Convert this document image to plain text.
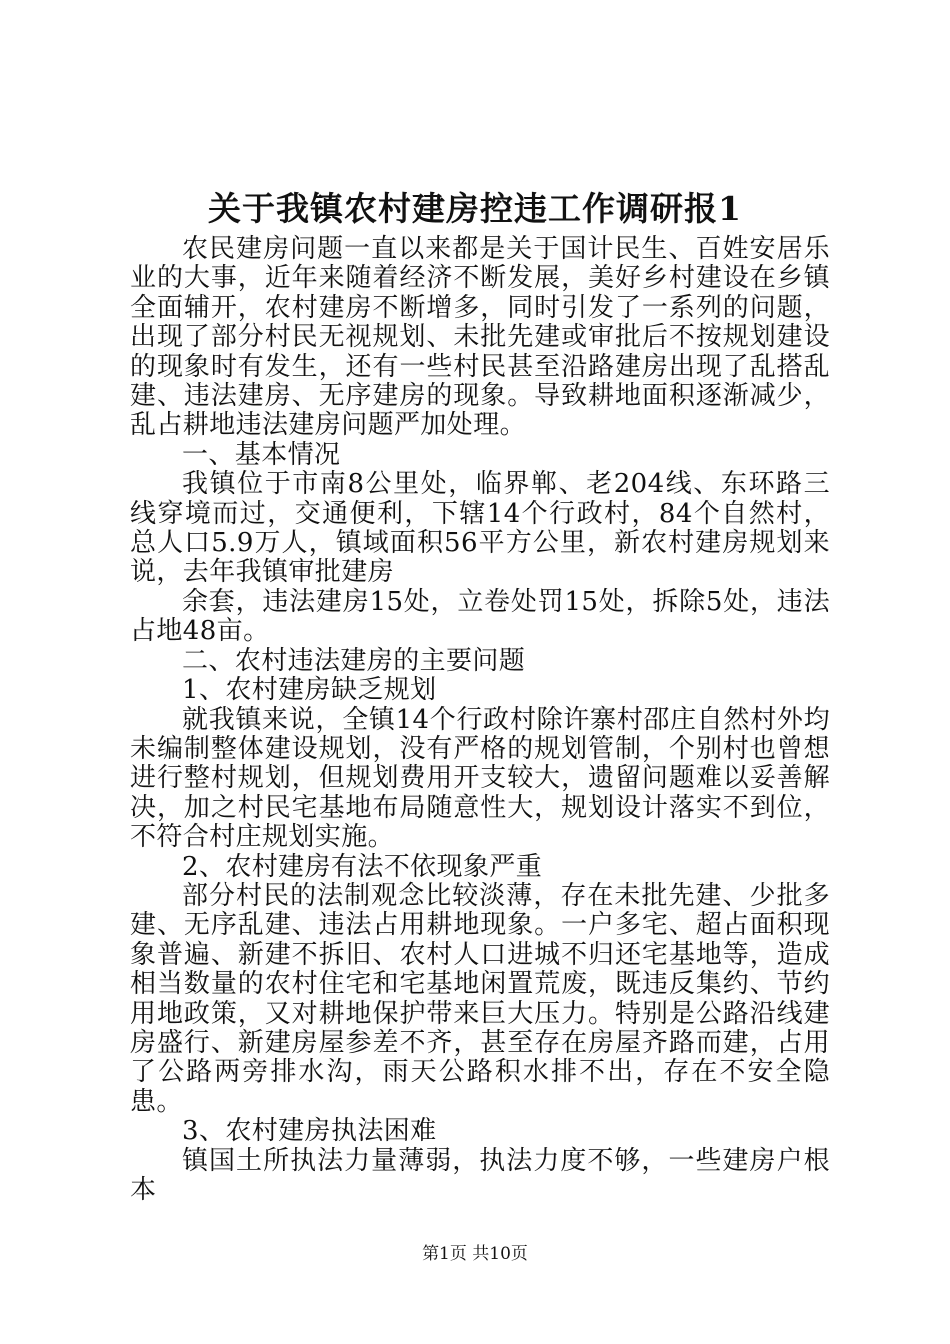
关于我镇农村建房控违工作调研报1

农民建房问题一直以来都是关于国计民生、百姓安居乐业的大事，近年来随着经济不断发展，美好乡村建设在乡镇全面辅开，农村建房不断增多，同时引发了一系列的问题，出现了部分村民无视规划、未批先建或审批后不按规划建设的现象时有发生，还有一些村民甚至沿路建房出现了乱搭乱建、违法建房、无序建房的现象。导致耕地面积逐渐减少，乱占耕地违法建房问题严加处理。

一、基本情况

我镇位于市南8公里处，临界郸、老204线、东环路三线穿境而过，交通便利，下辖14个行政村，84个自然村，总人口5.9万人，镇域面积56平方公里，新农村建房规划来说，去年我镇审批建房

余套，违法建房15处，立卷处罚15处，拆除5处，违法占地48亩。

二、农村违法建房的主要问题

1、农村建房缺乏规划

就我镇来说，全镇14个行政村除许寨村邵庄自然村外均未编制整体建设规划，没有严格的规划管制，个别村也曾想进行整村规划，但规划费用开支较大，遗留问题难以妥善解决，加之村民宅基地布局随意性大，规划设计落实不到位，不符合村庄规划实施。

2、农村建房有法不依现象严重

部分村民的法制观念比较淡薄，存在未批先建、少批多建、无序乱建、违法占用耕地现象。一户多宅、超占面积现象普遍、新建不拆旧、农村人口进城不归还宅基地等，造成相当数量的农村住宅和宅基地闲置荒废，既违反集约、节约用地政策，又对耕地保护带来巨大压力。特别是公路沿线建房盛行、新建房屋参差不齐，甚至存在房屋齐路而建，占用了公路两旁排水沟，雨天公路积水排不出，存在不安全隐患。

3、农村建房执法困难

镇国土所执法力量薄弱，执法力度不够，一些建房户根本

第1页 共10页
